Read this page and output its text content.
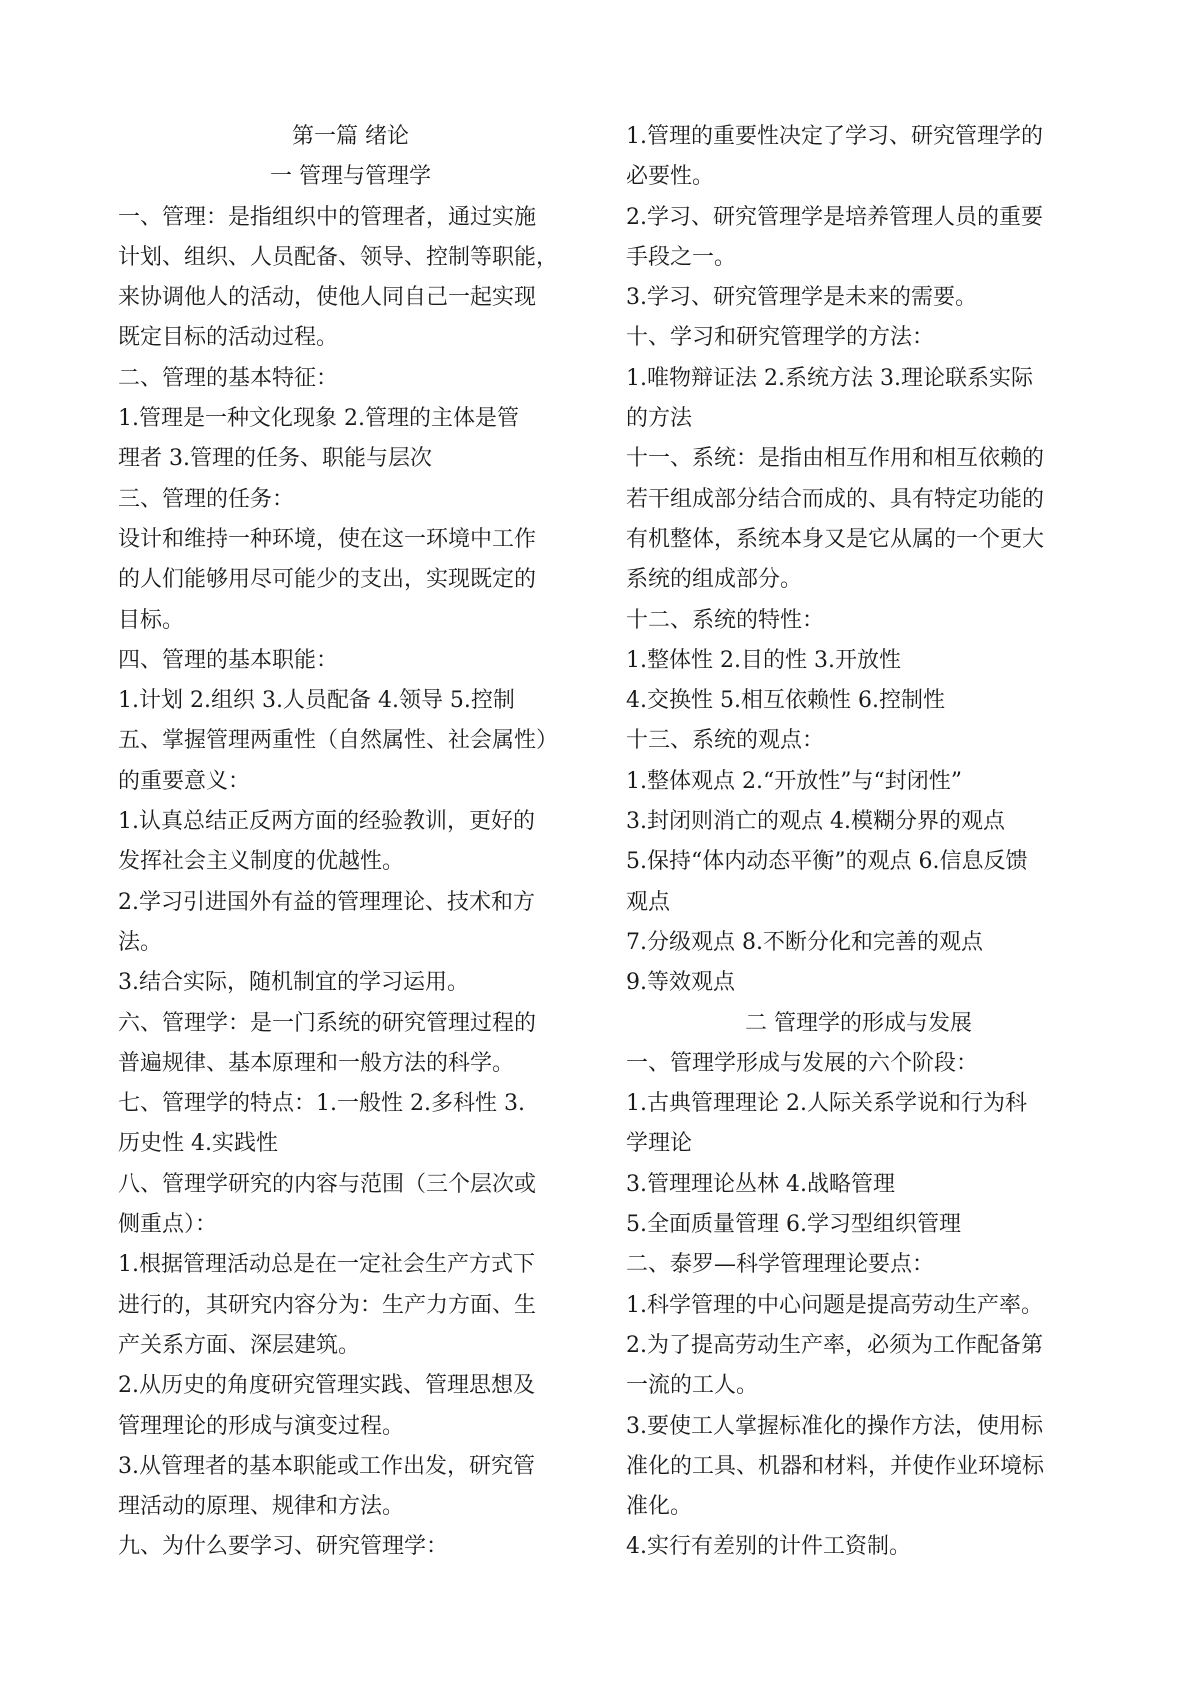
第一篇 绪论
一 管理与管理学
一、管理：是指组织中的管理者，通过实施
计划、组织、人员配备、领导、控制等职能，
来协调他人的活动，使他人同自己一起实现
既定目标的活动过程。
二、管理的基本特征：
1.管理是一种文化现象 2.管理的主体是管
理者 3.管理的任务、职能与层次
三、管理的任务：
设计和维持一种环境，使在这一环境中工作
的人们能够用尽可能少的支出，实现既定的
目标。
四、管理的基本职能：
1.计划 2.组织 3.人员配备 4.领导 5.控制
五、掌握管理两重性（自然属性、社会属性）
的重要意义：
1.认真总结正反两方面的经验教训，更好的
发挥社会主义制度的优越性。
2.学习引进国外有益的管理理论、技术和方
法。
3.结合实际，随机制宜的学习运用。
六、管理学：是一门系统的研究管理过程的
普遍规律、基本原理和一般方法的科学。
七、管理学的特点：1.一般性 2.多科性 3.
历史性 4.实践性
八、管理学研究的内容与范围（三个层次或
侧重点）：
1.根据管理活动总是在一定社会生产方式下
进行的，其研究内容分为：生产力方面、生
产关系方面、深层建筑。
2.从历史的角度研究管理实践、管理思想及
管理理论的形成与演变过程。
3.从管理者的基本职能或工作出发，研究管
理活动的原理、规律和方法。
九、为什么要学习、研究管理学：
1.管理的重要性决定了学习、研究管理学的
必要性。
2.学习、研究管理学是培养管理人员的重要
手段之一。
3.学习、研究管理学是未来的需要。
十、学习和研究管理学的方法：
1.唯物辩证法 2.系统方法 3.理论联系实际
的方法
十一、系统：是指由相互作用和相互依赖的
若干组成部分结合而成的、具有特定功能的
有机整体，系统本身又是它从属的一个更大
系统的组成部分。
十二、系统的特性：
1.整体性 2.目的性 3.开放性
4.交换性 5.相互依赖性 6.控制性
十三、系统的观点：
1.整体观点 2.“开放性”与“封闭性”
3.封闭则消亡的观点 4.模糊分界的观点
5.保持“体内动态平衡”的观点 6.信息反馈
观点
7.分级观点 8.不断分化和完善的观点
9.等效观点
二 管理学的形成与发展
一、管理学形成与发展的六个阶段：
1.古典管理理论 2.人际关系学说和行为科
学理论
3.管理理论丛林 4.战略管理
5.全面质量管理 6.学习型组织管理
二、泰罗—科学管理理论要点：
1.科学管理的中心问题是提高劳动生产率。
2.为了提高劳动生产率，必须为工作配备第
一流的工人。
3.要使工人掌握标准化的操作方法，使用标
准化的工具、机器和材料，并使作业环境标
准化。
4.实行有差别的计件工资制。
